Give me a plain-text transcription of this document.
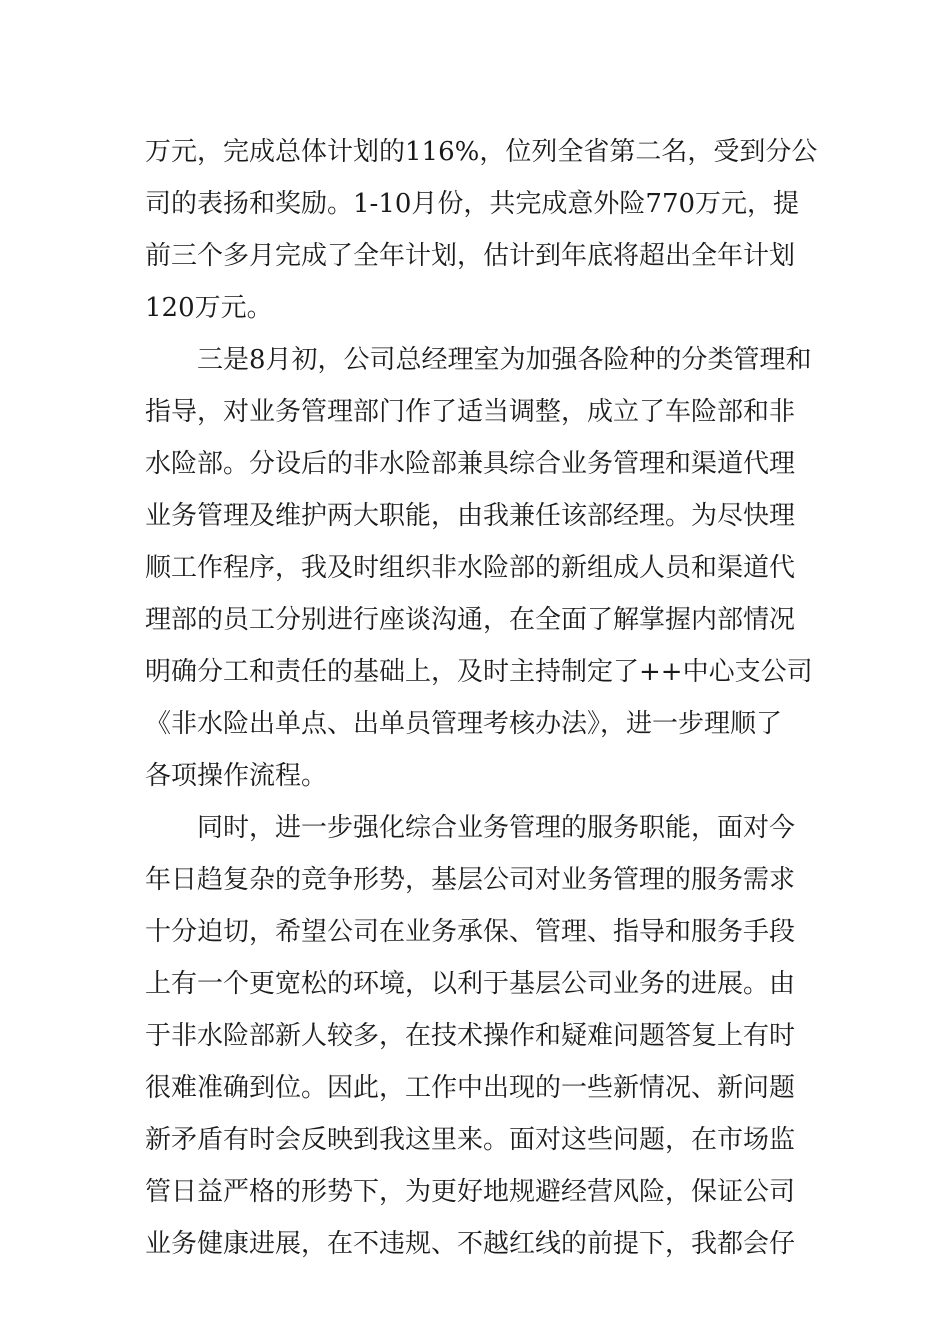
万元，完成总体计划的116%，位列全省第二名，受到分公
司的表扬和奖励。1-10月份，共完成意外险770万元，提
前三个多月完成了全年计划，估计到年底将超出全年计划
120万元。
三是8月初，公司总经理室为加强各险种的分类管理和
指导，对业务管理部门作了适当调整，成立了车险部和非
水险部。分设后的非水险部兼具综合业务管理和渠道代理
业务管理及维护两大职能，由我兼任该部经理。为尽快理
顺工作程序，我及时组织非水险部的新组成人员和渠道代
理部的员工分别进行座谈沟通，在全面了解掌握内部情况
明确分工和责任的基础上，及时主持制定了++中心支公司
《非水险出单点、出单员管理考核办法》，进一步理顺了
各项操作流程。
同时，进一步强化综合业务管理的服务职能，面对今
年日趋复杂的竞争形势，基层公司对业务管理的服务需求
十分迫切，希望公司在业务承保、管理、指导和服务手段
上有一个更宽松的环境，以利于基层公司业务的进展。由
于非水险部新人较多，在技术操作和疑难问题答复上有时
很难准确到位。因此，工作中出现的一些新情况、新问题
新矛盾有时会反映到我这里来。面对这些问题，在市场监
管日益严格的形势下，为更好地规避经营风险，保证公司
业务健康进展，在不违规、不越红线的前提下，我都会仔
